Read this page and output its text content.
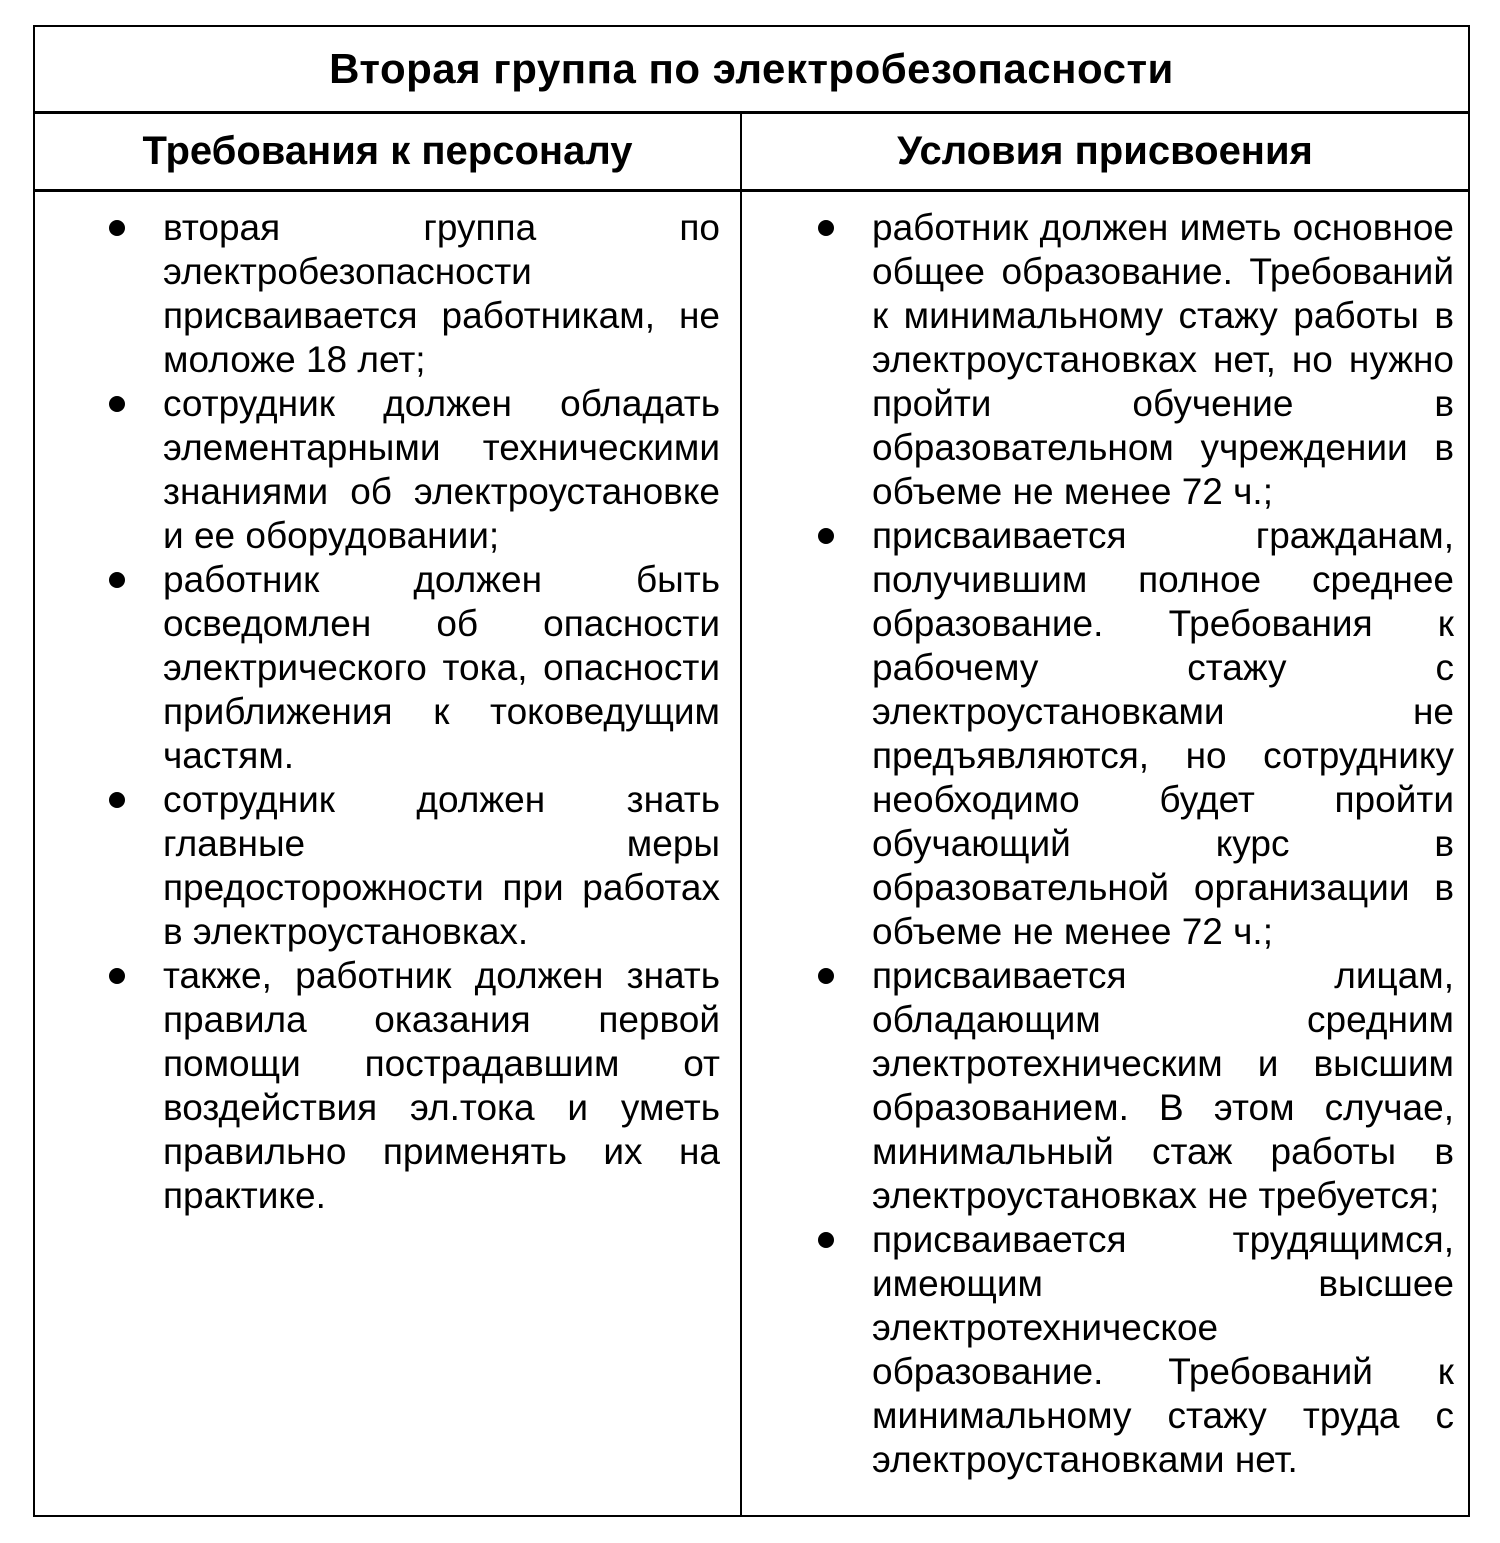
Вторая группа по электробезопасности
Требования к персоналу	Условия присвоения
вторая группа по электробезопасности присваивается работникам, не моложе 18 лет;
сотрудник должен обладать элементарными техническими знаниями об электроустановке и ее оборудовании;
работник должен быть осведомлен об опасности электрического тока, опасности приближения к токоведущим частям.
сотрудник должен знать главные меры предосторожности при работах в электроустановках.
также, работник должен знать правила оказания первой помощи пострадавшим от воздействия эл.тока и уметь правильно применять их на практике.
работник должен иметь основное общее образование. Требований к минимальному стажу работы в электроустановках нет, но нужно пройти обучение в образовательном учреждении в объеме не менее 72 ч.;
присваивается гражданам, получившим полное среднее образование. Требования к рабочему стажу с электроустановками не предъявляются, но сотруднику необходимо будет пройти обучающий курс в образовательной организации в объеме не менее 72 ч.;
присваивается лицам, обладающим средним электротехническим и высшим образованием. В этом случае, минимальный стаж работы в электроустановках не требуется;
присваивается трудящимся, имеющим высшее электротехническое образование. Требований к минимальному стажу труда с электроустановками нет.
